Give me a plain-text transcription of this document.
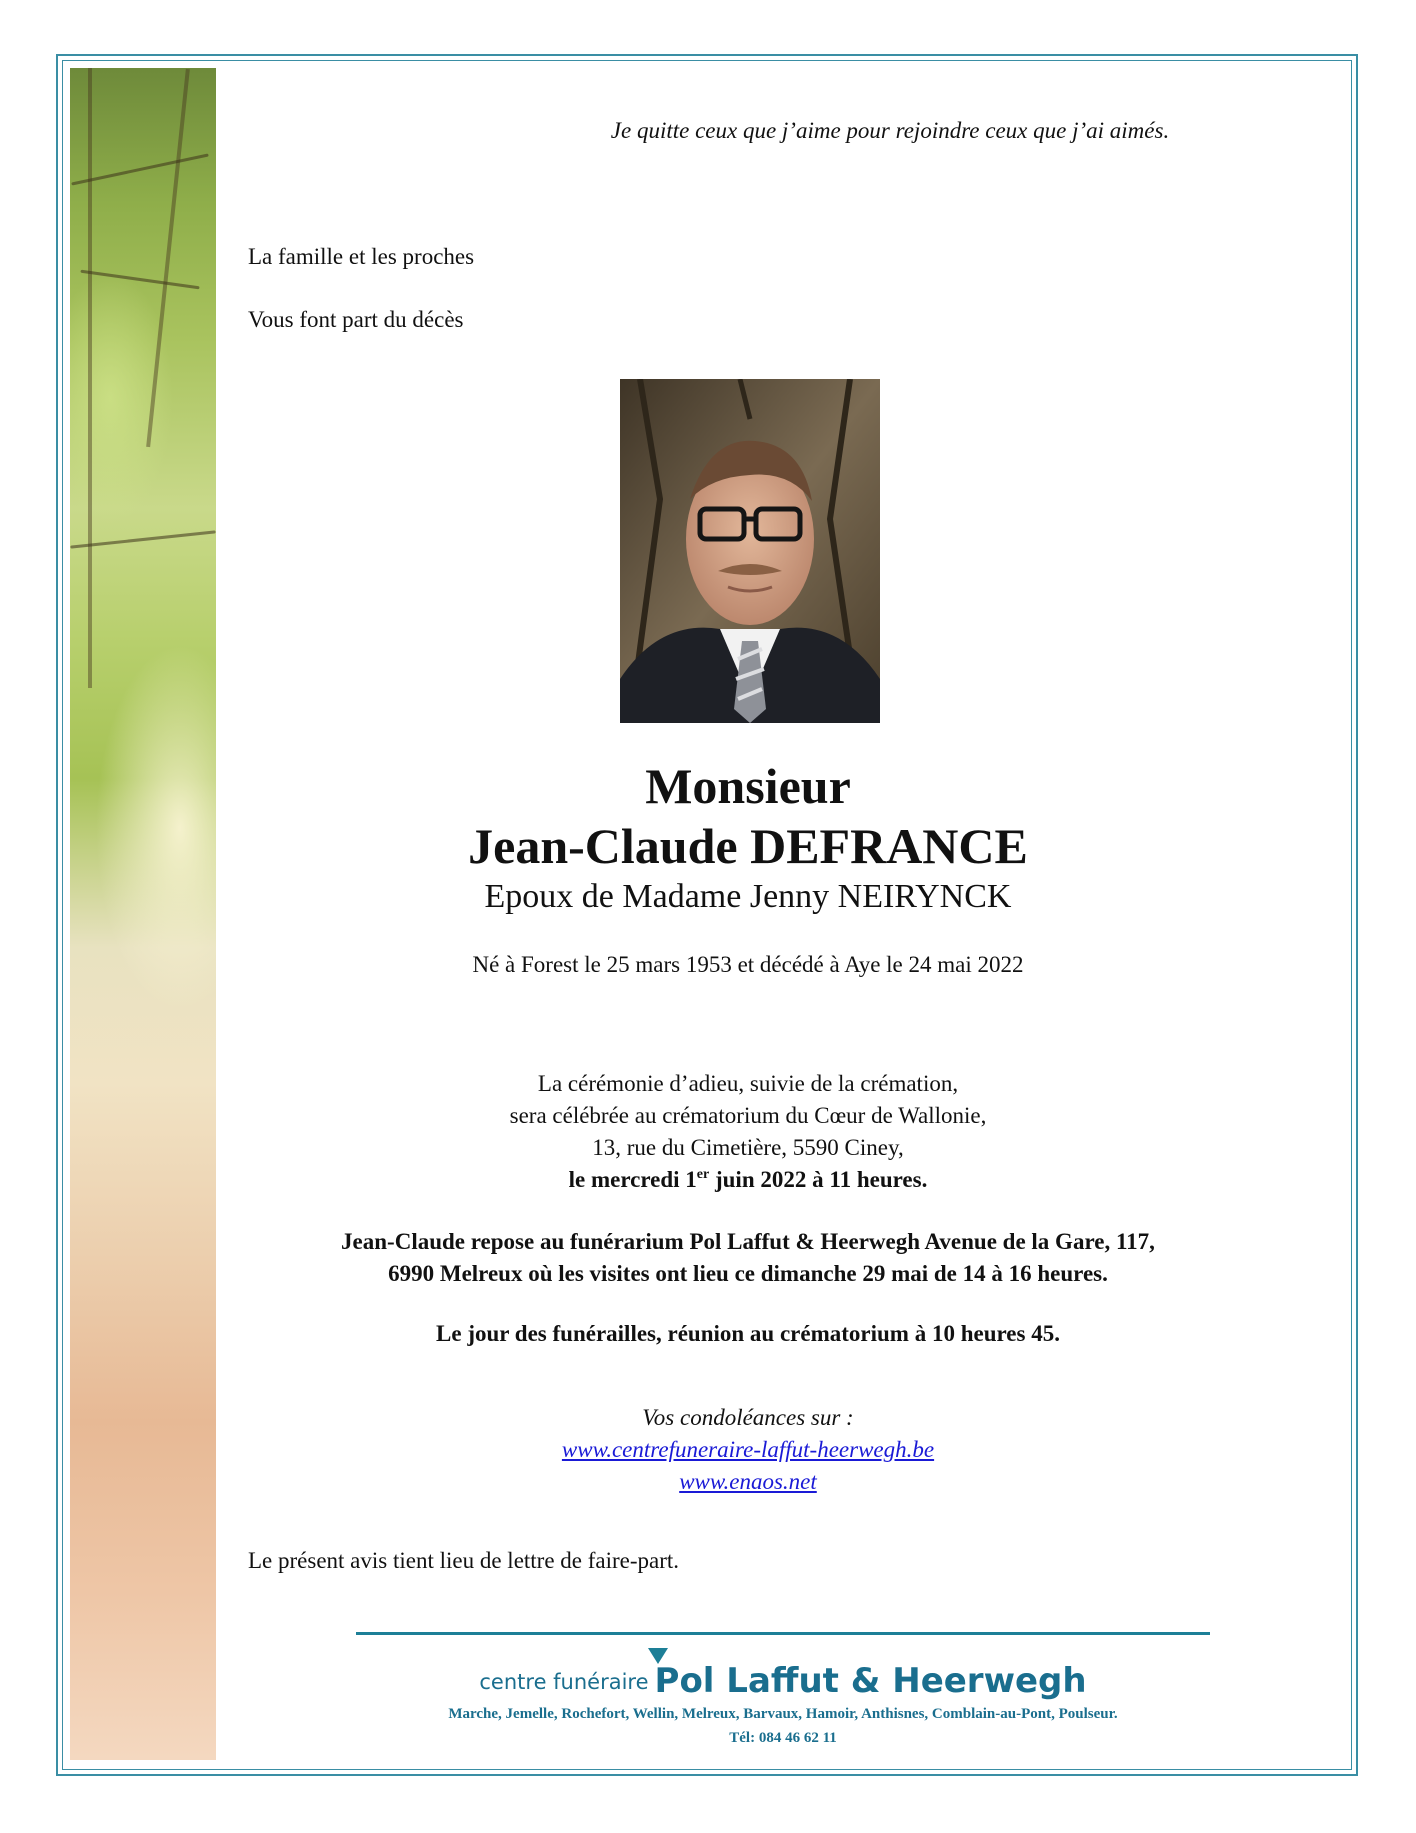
Je quitte ceux que j’aime pour rejoindre ceux que j’ai aimés.
La famille et les proches
Vous font part du décès
Monsieur
Jean-Claude DEFRANCE
Epoux de Madame Jenny NEIRYNCK
Né à Forest le 25 mars 1953 et décédé à Aye le 24 mai 2022
La cérémonie d’adieu, suivie de la crémation,
sera célébrée au crématorium du Cœur de Wallonie,
13, rue du Cimetière, 5590 Ciney,
le mercredi 1er juin 2022 à 11 heures.
Jean-Claude repose au funérarium Pol Laffut & Heerwegh Avenue de la Gare, 117,
6990 Melreux où les visites ont lieu ce dimanche 29 mai de 14 à 16 heures.
Le jour des funérailles, réunion au crématorium à 10 heures 45.
Vos condoléances sur :
www.centrefuneraire-laffut-heerwegh.be
www.enaos.net
Le présent avis tient lieu de lettre de faire-part.
centre funéraire Pol Laffut & Heerwegh
Marche, Jemelle, Rochefort, Wellin, Melreux, Barvaux, Hamoir, Anthisnes, Comblain-au-Pont, Poulseur.
Tél: 084 46 62 11
